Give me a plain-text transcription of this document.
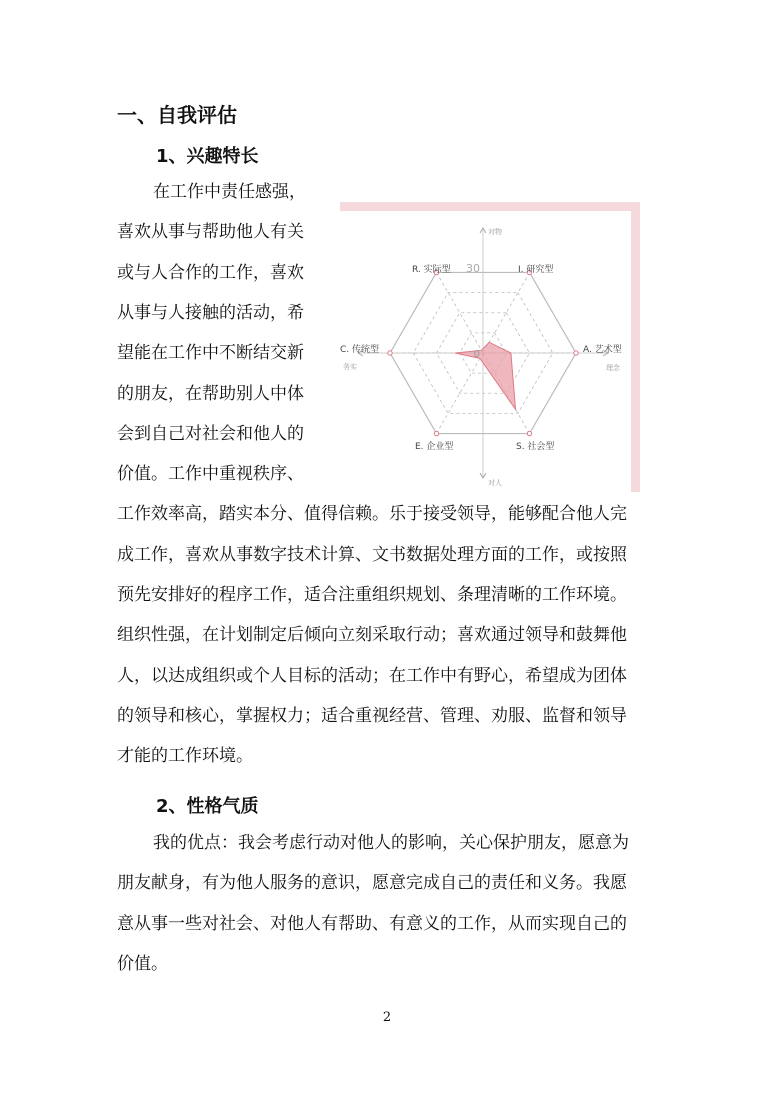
一、自我评估
1、兴趣特长

在工作中责任感强，

喜欢从事与帮助他人有关

或与人合作的工作，喜欢

从事与人接触的活动，希

望能在工作中不断结交新

的朋友，在帮助别人中体

会到自己对社会和他人的

价值。工作中重视秩序、

工作效率高，踏实本分、值得信赖。乐于接受领导，能够配合他人完

成工作，喜欢从事数字技术计算、文书数据处理方面的工作，或按照

预先安排好的程序工作，适合注重组织规划、条理清晰的工作环境。

组织性强，在计划制定后倾向立刻采取行动；喜欢通过领导和鼓舞他

人，以达成组织或个人目标的活动；在工作中有野心，希望成为团体

的领导和核心，掌握权力；适合重视经营、管理、劝服、监督和领导

才能的工作环境。

I. 研究型
A. 艺术型
S. 社会型
E. 企业型
C. 传统型
R. 实际型 30
0
对物
对人
务实	理念
2、性格气质

我的优点：我会考虑行动对他人的影响，关心保护朋友，愿意为

朋友献身，有为他人服务的意识，愿意完成自己的责任和义务。我愿

意从事一些对社会、对他人有帮助、有意义的工作，从而实现自己的

价值。

2
